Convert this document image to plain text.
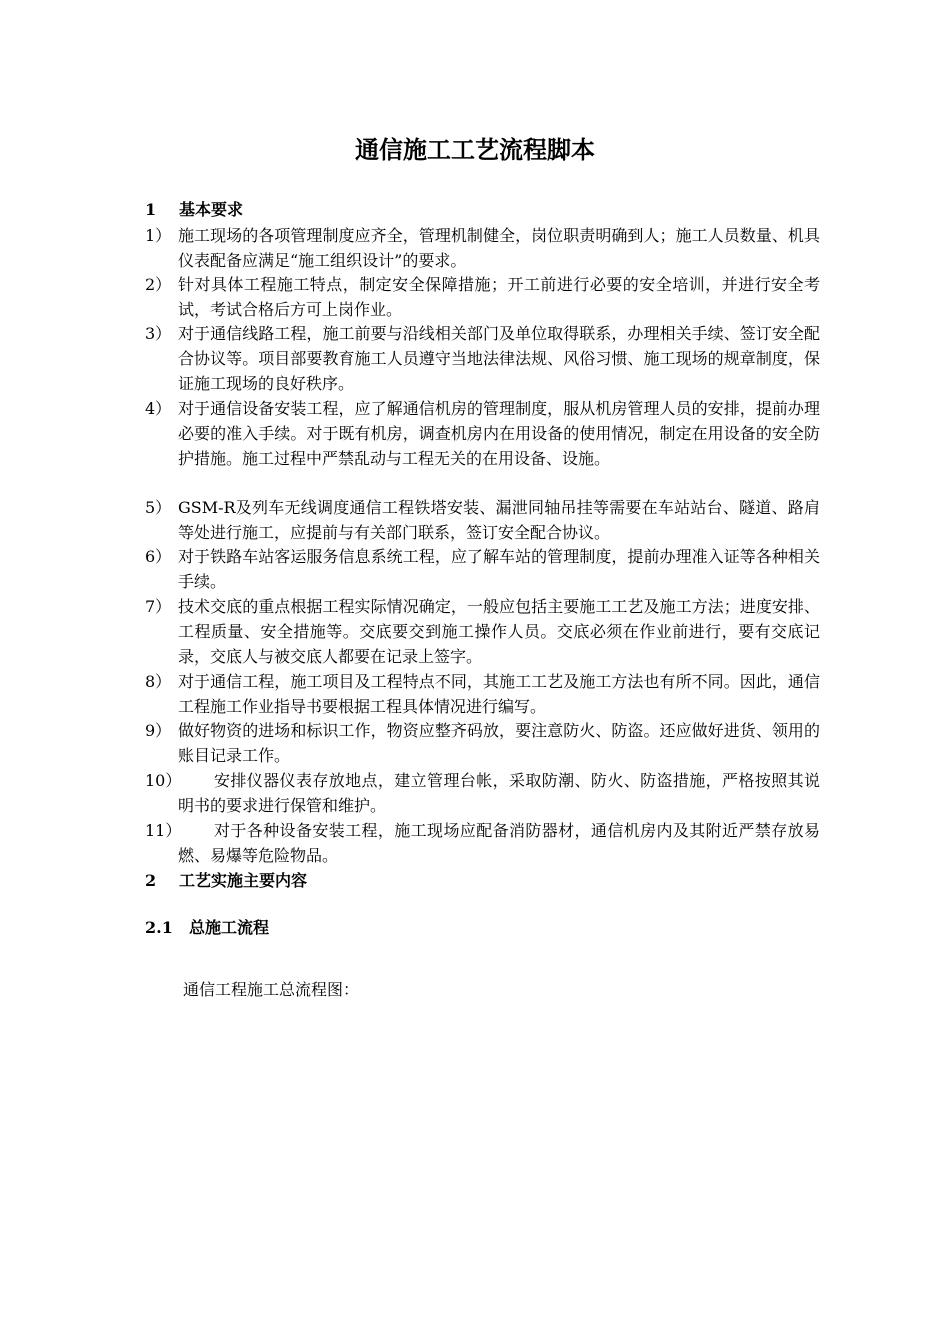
通信施工工艺流程脚本
1 基本要求
1） 施工现场的各项管理制度应齐全，管理机制健全，岗位职责明确到人；施工人员数量、机具仪表配备应满足“施工组织设计”的要求。
2） 针对具体工程施工特点，制定安全保障措施；开工前进行必要的安全培训，并进行安全考试，考试合格后方可上岗作业。
3） 对于通信线路工程，施工前要与沿线相关部门及单位取得联系，办理相关手续、签订安全配合协议等。项目部要教育施工人员遵守当地法律法规、风俗习惯、施工现场的规章制度，保证施工现场的良好秩序。
4） 对于通信设备安装工程，应了解通信机房的管理制度，服从机房管理人员的安排，提前办理必要的准入手续。对于既有机房，调查机房内在用设备的使用情况，制定在用设备的安全防护措施。施工过程中严禁乱动与工程无关的在用设备、设施。
5） GSM-R及列车无线调度通信工程铁塔安装、漏泄同轴吊挂等需要在车站站台、隧道、路肩等处进行施工，应提前与有关部门联系，签订安全配合协议。
6） 对于铁路车站客运服务信息系统工程，应了解车站的管理制度，提前办理准入证等各种相关手续。
7） 技术交底的重点根据工程实际情况确定，一般应包括主要施工工艺及施工方法；进度安排、工程质量、安全措施等。交底要交到施工操作人员。交底必须在作业前进行，要有交底记录，交底人与被交底人都要在记录上签字。
8） 对于通信工程，施工项目及工程特点不同，其施工工艺及施工方法也有所不同。因此，通信工程施工作业指导书要根据工程具体情况进行编写。
9） 做好物资的进场和标识工作，物资应整齐码放，要注意防火、防盗。还应做好进货、领用的账目记录工作。
10）	安排仪器仪表存放地点，建立管理台帐，采取防潮、防火、防盗措施，严格按照其说明书的要求进行保管和维护。
11）	对于各种设备安装工程，施工现场应配备消防器材，通信机房内及其附近严禁存放易燃、易爆等危险物品。
2 工艺实施主要内容
2.1 总施工流程
通信工程施工总流程图：
